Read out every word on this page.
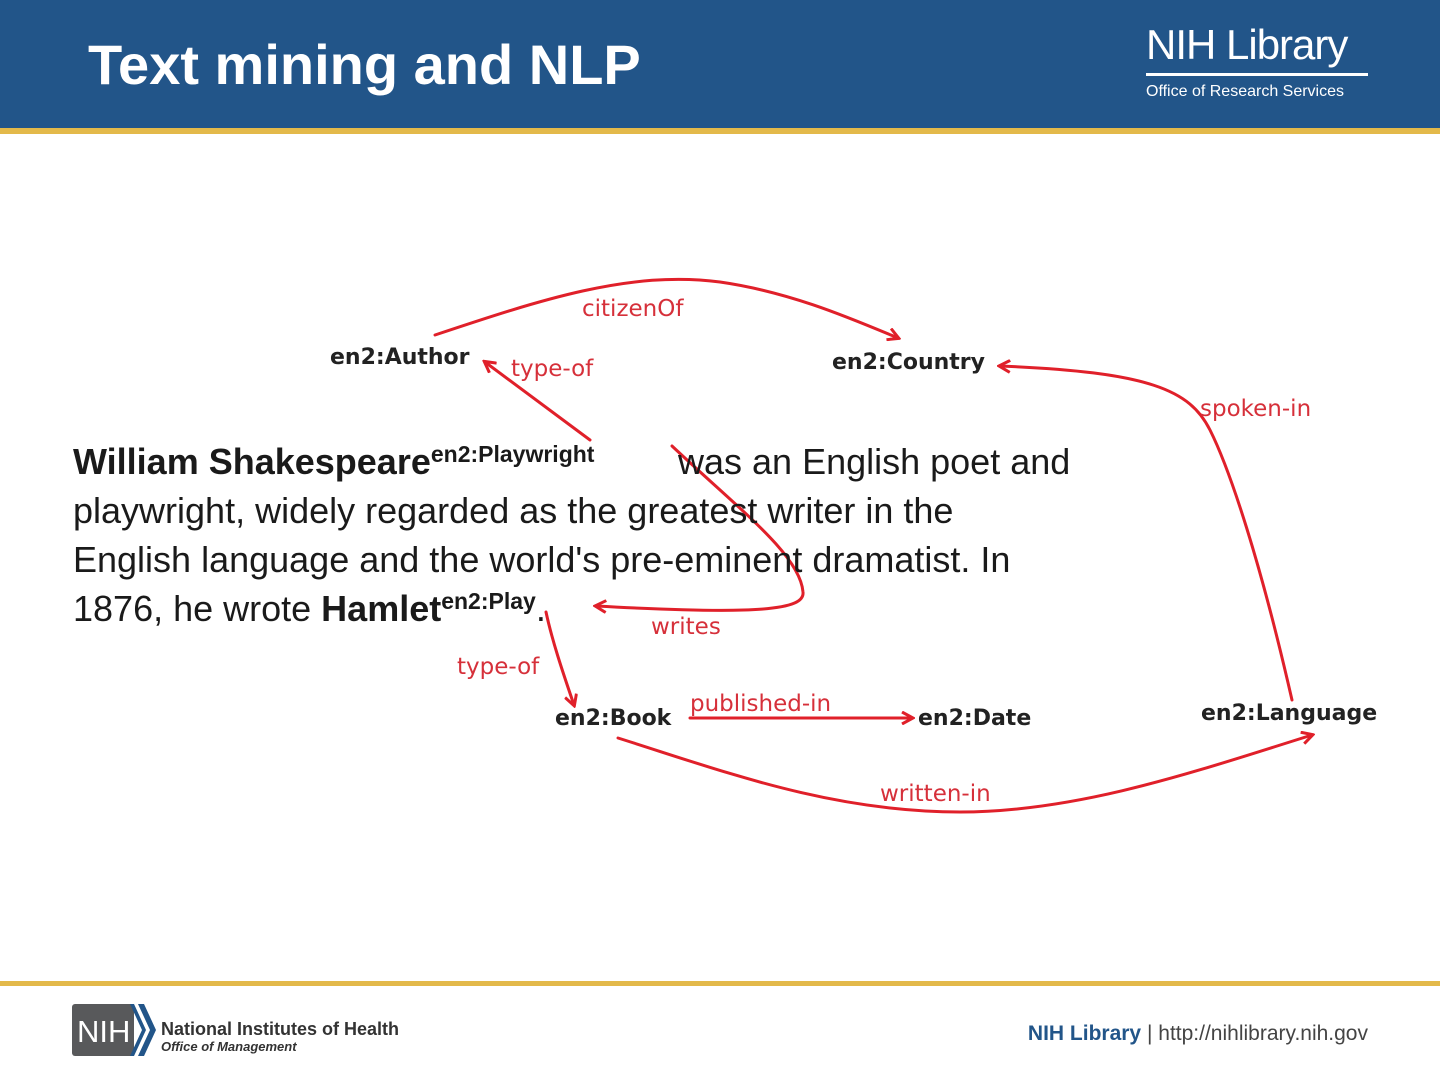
Text mining and NLP	NIH Library
Office of Research Services
citizenOf
type-of
spoken-in
writes
type-of
published-in
written-in
en2:Author	en2:Country
en2:Book	en2:Date	en2:Language
William Shakespeare$^{en2:Playwright}$ was an English poet and
playwright, widely regarded as the greatest writer in the
English language and the world's pre-eminent dramatist. In
1876, he wrote Hamlet$^{en2:Play}$.
NIH National Institutes of Health
Office of Management
NIH Library | http://nihlibrary.nih.gov
